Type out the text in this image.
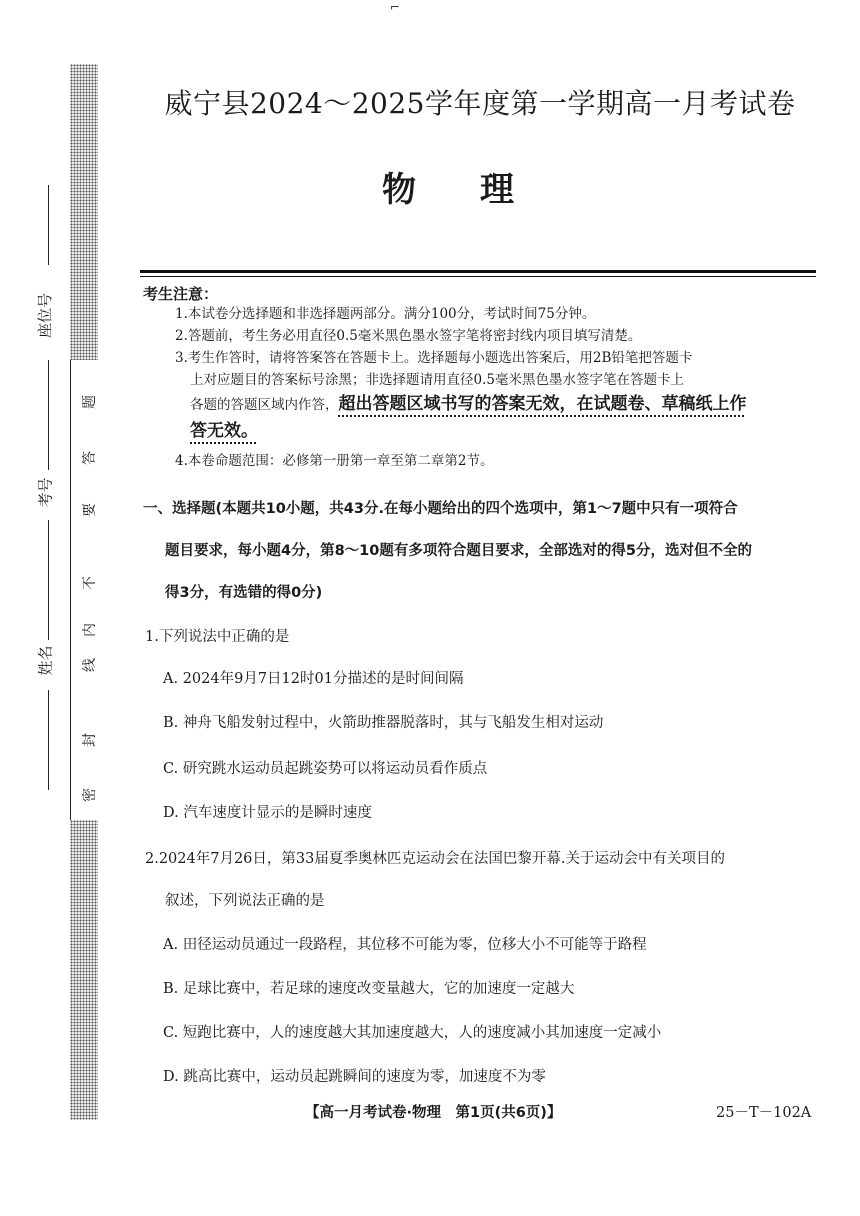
⌐
密
封
线
内
不
要
答
题
座位号
考号
姓名
威宁县2024～2025学年度第一学期高一月考试卷
物理
考生注意：
1.本试卷分选择题和非选择题两部分。满分100分，考试时间75分钟。
2.答题前，考生务必用直径0.5毫米黑色墨水签字笔将密封线内项目填写清楚。
3.考生作答时，请将答案答在答题卡上。选择题每小题选出答案后，用2B铅笔把答题卡
上对应题目的答案标号涂黑；非选择题请用直径0.5毫米黑色墨水签字笔在答题卡上
各题的答题区域内作答，超出答题区域书写的答案无效，在试题卷、草稿纸上作
答无效。
4.本卷命题范围：必修第一册第一章至第二章第2节。
一、选择题(本题共10小题，共43分.在每小题给出的四个选项中，第1～7题中只有一项符合
题目要求，每小题4分，第8～10题有多项符合题目要求，全部选对的得5分，选对但不全的
得3分，有选错的得0分)
1.下列说法中正确的是
A. 2024年9月7日12时01分描述的是时间间隔
B. 神舟飞船发射过程中，火箭助推器脱落时，其与飞船发生相对运动
C. 研究跳水运动员起跳姿势可以将运动员看作质点
D. 汽车速度计显示的是瞬时速度
2.2024年7月26日，第33届夏季奥林匹克运动会在法国巴黎开幕.关于运动会中有关项目的
叙述，下列说法正确的是
A. 田径运动员通过一段路程，其位移不可能为零，位移大小不可能等于路程
B. 足球比赛中，若足球的速度改变量越大，它的加速度一定越大
C. 短跑比赛中，人的速度越大其加速度越大，人的速度减小其加速度一定减小
D. 跳高比赛中，运动员起跳瞬间的速度为零，加速度不为零
【高一月考试卷·物理　第1页(共6页)】	25－T－102A
